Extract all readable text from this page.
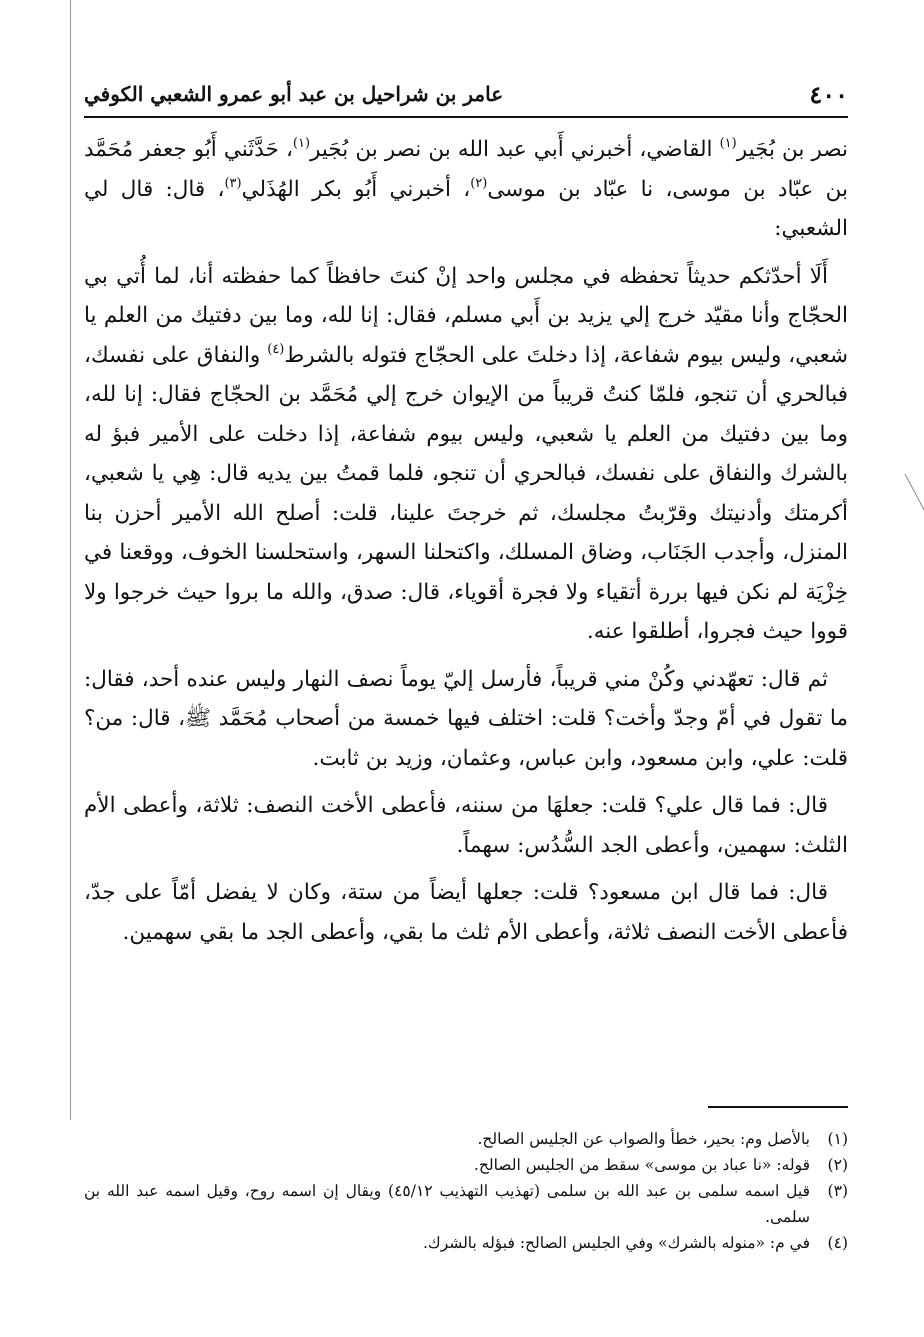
٤٠٠
عامر بن شراحيل بن عبد أبو عمرو الشعبي الكوفي

نصر بن بُجَير$^{(١)}$ القاضي، أخبرني أَبي عبد الله بن نصر بن بُجَير$^{(١)}$، حَدَّثَني أَبُو جعفر مُحَمَّد بن عبّاد بن موسى، نا عبّاد بن موسى$^{(٢)}$، أخبرني أَبُو بكر الهُذَلي$^{(٣)}$، قال: قال لي الشعبي:

أَلَا أحدّثكم حديثاً تحفظه في مجلس واحد إنْ كنتَ حافظاً كما حفظته أنا، لما أُتي بي الحجّاج وأنا مقيّد خرج إلي يزيد بن أَبي مسلم، فقال: إنا لله، وما بين دفتيك من العلم يا شعبي، وليس بيوم شفاعة، إذا دخلتَ على الحجّاج فتوله بالشرط$^{(٤)}$ والنفاق على نفسك، فبالحري أن تنجو، فلمّا كنتُ قريباً من الإيوان خرج إلي مُحَمَّد بن الحجّاج فقال: إنا لله، وما بين دفتيك من العلم يا شعبي، وليس بيوم شفاعة، إذا دخلت على الأمير فبؤ له بالشرك والنفاق على نفسك، فبالحري أن تنجو، فلما قمتُ بين يديه قال: هِي يا شعبي، أكرمتك وأدنيتك وقرّبتُ مجلسك، ثم خرجتَ علينا، قلت: أصلح الله الأمير أحزن بنا المنزل، وأجدب الجَنَاب، وضاق المسلك، واكتحلنا السهر، واستحلسنا الخوف، ووقعنا في خِزْيَة لم نكن فيها بررة أتقياء ولا فجرة أقوياء، قال: صدق، والله ما بروا حيث خرجوا ولا قووا حيث فجروا، أطلقوا عنه.

ثم قال: تعهّدني وكُنْ مني قريباً، فأرسل إليّ يوماً نصف النهار وليس عنده أحد، فقال: ما تقول في أمّ وجدّ وأخت؟ قلت: اختلف فيها خمسة من أصحاب مُحَمَّد ﷺ، قال: من؟ قلت: علي، وابن مسعود، وابن عباس، وعثمان، وزيد بن ثابت.

قال: فما قال علي؟ قلت: جعلهَا من سننه، فأعطى الأخت النصف: ثلاثة، وأعطى الأم الثلث: سهمين، وأعطى الجد السُّدُس: سهماً.

قال: فما قال ابن مسعود؟ قلت: جعلها أيضاً من ستة، وكان لا يفضل أمّاً على جدّ، فأعطى الأخت النصف ثلاثة، وأعطى الأم ثلث ما بقي، وأعطى الجد ما بقي سهمين.

(١)
بالأصل وم: بحير، خطأ والصواب عن الجليس الصالح.
(٢)
قوله: «نا عباد بن موسى» سقط من الجليس الصالح.
(٣)
قيل اسمه سلمى بن عبد الله بن سلمى (تهذيب التهذيب ٤٥/١٢) ويقال إن اسمه روح، وقيل اسمه عبد الله بن سلمى.
(٤)
في م: «منوله بالشرك» وفي الجليس الصالح: فبؤله بالشرك.
